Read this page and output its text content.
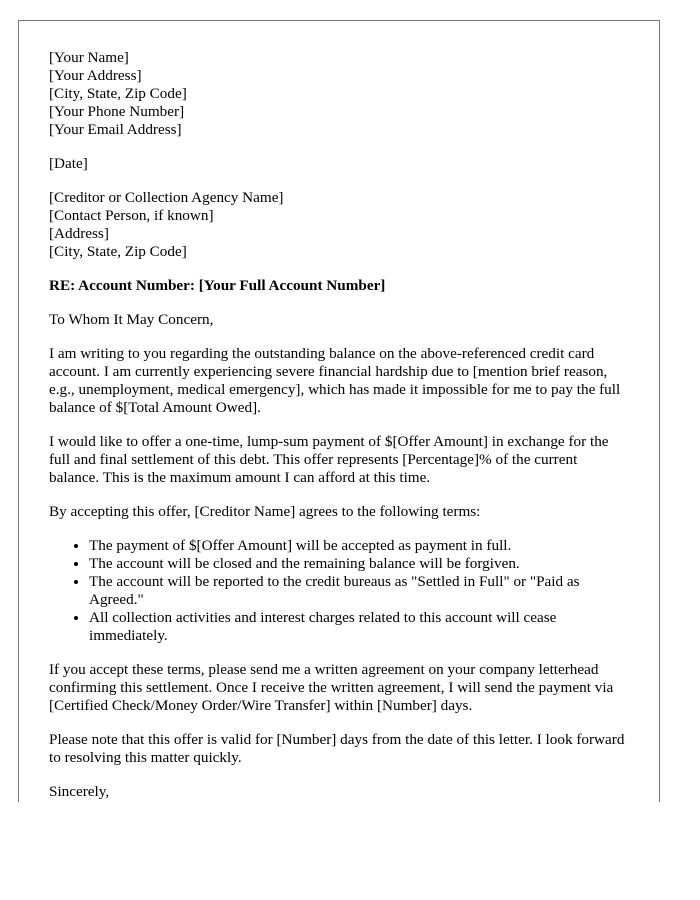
[Your Name]
[Your Address]
[City, State, Zip Code]
[Your Phone Number]
[Your Email Address]
[Date]
[Creditor or Collection Agency Name]
[Contact Person, if known]
[Address]
[City, State, Zip Code]
RE: Account Number: [Your Full Account Number]

To Whom It May Concern,

I am writing to you regarding the outstanding balance on the above-referenced credit card account. I am currently experiencing severe financial hardship due to [mention brief reason, e.g., unemployment, medical emergency], which has made it impossible for me to pay the full balance of $[Total Amount Owed].

I would like to offer a one-time, lump-sum payment of $[Offer Amount] in exchange for the full and final settlement of this debt. This offer represents [Percentage]% of the current balance. This is the maximum amount I can afford at this time.

By accepting this offer, [Creditor Name] agrees to the following terms:

• The payment of $[Offer Amount] will be accepted as payment in full.
• The account will be closed and the remaining balance will be forgiven.
• The account will be reported to the credit bureaus as "Settled in Full" or "Paid as Agreed."
• All collection activities and interest charges related to this account will cease immediately.

If you accept these terms, please send me a written agreement on your company letterhead confirming this settlement. Once I receive the written agreement, I will send the payment via [Certified Check/Money Order/Wire Transfer] within [Number] days.

Please note that this offer is valid for [Number] days from the date of this letter. I look forward to resolving this matter quickly.

Sincerely,
